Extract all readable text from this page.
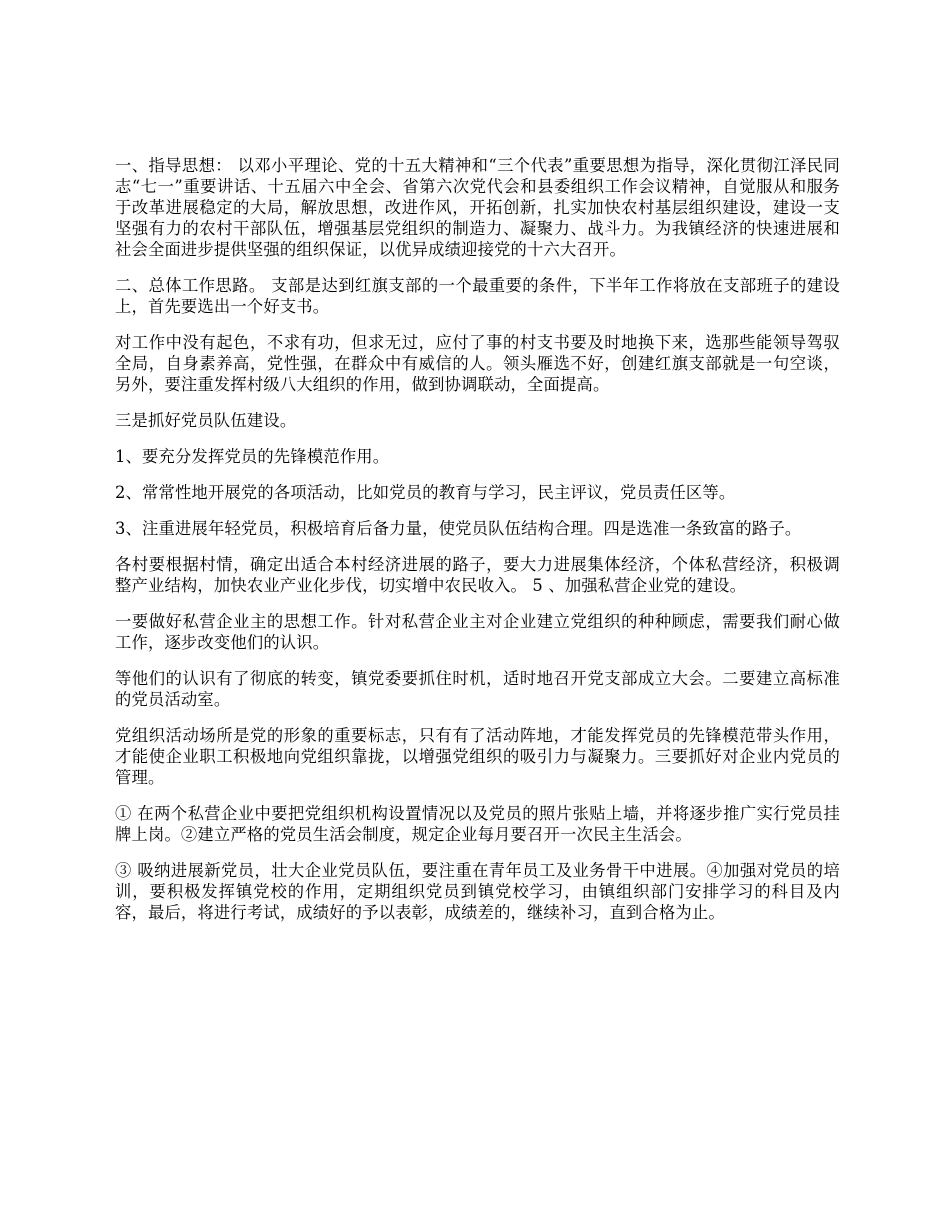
一、指导思想： 以邓小平理论、党的十五大精神和“三个代表”重要思想为指导，深化贯彻江泽民同志“七一”重要讲话、十五届六中全会、省第六次党代会和县委组织工作会议精神，自觉服从和服务于改革进展稳定的大局，解放思想，改进作风，开拓创新，扎实加快农村基层组织建设，建设一支坚强有力的农村干部队伍，增强基层党组织的制造力、凝聚力、战斗力。为我镇经济的快速进展和社会全面进步提供坚强的组织保证，以优异成绩迎接党的十六大召开。

二、总体工作思路。 支部是达到红旗支部的一个最重要的条件，下半年工作将放在支部班子的建设上，首先要选出一个好支书。

对工作中没有起色，不求有功，但求无过，应付了事的村支书要及时地换下来，选那些能领导驾驭全局，自身素养高，党性强，在群众中有威信的人。领头雁选不好，创建红旗支部就是一句空谈，另外，要注重发挥村级八大组织的作用，做到协调联动，全面提高。

三是抓好党员队伍建设。

1、要充分发挥党员的先锋模范作用。

2、常常性地开展党的各项活动，比如党员的教育与学习，民主评议，党员责任区等。

3、注重进展年轻党员，积极培育后备力量，使党员队伍结构合理。四是选准一条致富的路子。

各村要根据村情，确定出适合本村经济进展的路子，要大力进展集体经济，个体私营经济，积极调整产业结构，加快农业产业化步伐，切实增中农民收入。 5 、加强私营企业党的建设。

一要做好私营企业主的思想工作。针对私营企业主对企业建立党组织的种种顾虑，需要我们耐心做工作，逐步改变他们的认识。

等他们的认识有了彻底的转变，镇党委要抓住时机，适时地召开党支部成立大会。二要建立高标准的党员活动室。

党组织活动场所是党的形象的重要标志，只有有了活动阵地，才能发挥党员的先锋模范带头作用，才能使企业职工积极地向党组织靠拢，以增强党组织的吸引力与凝聚力。三要抓好对企业内党员的管理。

① 在两个私营企业中要把党组织机构设置情况以及党员的照片张贴上墙，并将逐步推广实行党员挂牌上岗。②建立严格的党员生活会制度，规定企业每月要召开一次民主生活会。

③ 吸纳进展新党员，壮大企业党员队伍，要注重在青年员工及业务骨干中进展。④加强对党员的培训，要积极发挥镇党校的作用，定期组织党员到镇党校学习，由镇组织部门安排学习的科目及内容，最后，将进行考试，成绩好的予以表彰，成绩差的，继续补习，直到合格为止。
